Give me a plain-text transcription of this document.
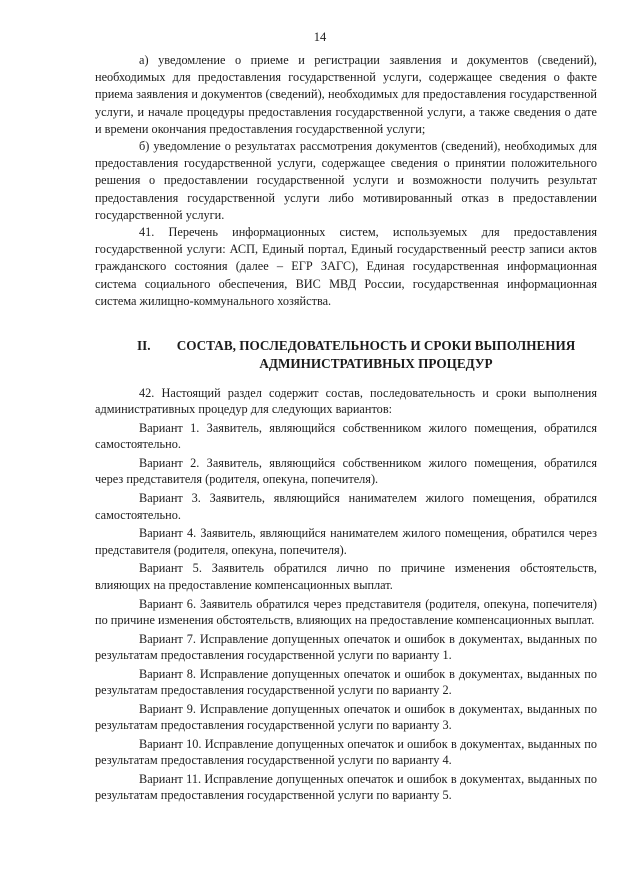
14

а) уведомление о приеме и регистрации заявления и документов (сведений), необходимых для предоставления государственной услуги, содержащее сведения о факте приема заявления и документов (сведений), необходимых для предоставления государственной услуги, и начале процедуры предоставления государственной услуги, а также сведения о дате и времени окончания предоставления государственной услуги;

б) уведомление о результатах рассмотрения документов (сведений), необходимых для предоставления государственной услуги, содержащее сведения о принятии положительного решения о предоставлении государственной услуги и возможности получить результат предоставления государственной услуги либо мотивированный отказ в предоставлении государственной услуги.

41. Перечень информационных систем, используемых для предоставления государственной услуги: АСП, Единый портал, Единый государственный реестр записи актов гражданского состояния (далее – ЕГР ЗАГС), Единая государственная информационная система социального обеспечения, ВИС МВД России, государственная информационная система жилищно-коммунального хозяйства.

II.	СОСТАВ, ПОСЛЕДОВАТЕЛЬНОСТЬ И СРОКИ ВЫПОЛНЕНИЯ АДМИНИСТРАТИВНЫХ ПРОЦЕДУР

42. Настоящий раздел содержит состав, последовательность и сроки выполнения административных процедур для следующих вариантов:

Вариант 1. Заявитель, являющийся собственником жилого помещения, обратился самостоятельно.

Вариант 2. Заявитель, являющийся собственником жилого помещения, обратился через представителя (родителя, опекуна, попечителя).

Вариант 3. Заявитель, являющийся нанимателем жилого помещения, обратился самостоятельно.

Вариант 4. Заявитель, являющийся нанимателем жилого помещения, обратился через представителя (родителя, опекуна, попечителя).

Вариант 5. Заявитель обратился лично по причине изменения обстоятельств, влияющих на предоставление компенсационных выплат.

Вариант 6. Заявитель обратился через представителя (родителя, опекуна, попечителя) по причине изменения обстоятельств, влияющих на предоставление компенсационных выплат.

Вариант 7. Исправление допущенных опечаток и ошибок в документах, выданных по результатам предоставления государственной услуги по варианту 1.

Вариант 8. Исправление допущенных опечаток и ошибок в документах, выданных по результатам предоставления государственной услуги по варианту 2.

Вариант 9. Исправление допущенных опечаток и ошибок в документах, выданных по результатам предоставления государственной услуги по варианту 3.

Вариант 10. Исправление допущенных опечаток и ошибок в документах, выданных по результатам предоставления государственной услуги по варианту 4.

Вариант 11. Исправление допущенных опечаток и ошибок в документах, выданных по результатам предоставления государственной услуги по варианту 5.
